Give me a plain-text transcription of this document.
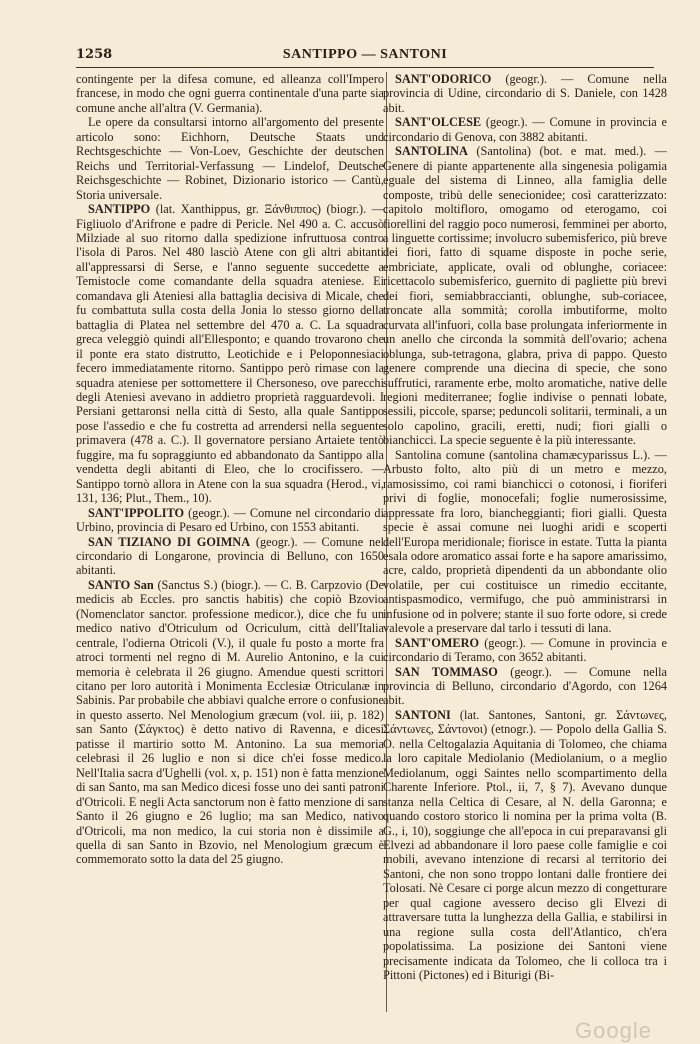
1258	SANTIPPO — SANTONI

contingente per la difesa comune, ed alleanza coll'Impero francese, in modo che ogni guerra continentale d'una parte sia comune anche all'altra (V. Germania).

Le opere da consultarsi intorno all'argomento del presente articolo sono: Eichhorn, Deutsche Staats und Rechtsgeschichte — Von-Loev, Geschichte der deutschen Reichs und Territorial-Verfassung — Lindelof, Deutsche Reichsgeschichte — Robinet, Dizionario istorico — Cantù, Storia universale.

SANTIPPO (lat. Xanthippus, gr. Ξάνθιππος) (biogr.). — Figliuolo d'Arifrone e padre di Pericle. Nel 490 a. C. accusò Milziade al suo ritorno dalla spedizione infruttuosa contro l'isola di Paros. Nel 480 lasciò Atene con gli altri abitanti all'appressarsi di Serse, e l'anno seguente succedette a Temistocle come comandante della squadra ateniese. Ei comandava gli Ateniesi alla battaglia decisiva di Micale, che fu combattuta sulla costa della Jonia lo stesso giorno della battaglia di Platea nel settembre del 470 a. C. La squadra greca veleggiò quindi all'Ellesponto; e quando trovarono che il ponte era stato distrutto, Leotichide e i Peloponnesiaci fecero immediatamente ritorno. Santippo però rimase con la squadra ateniese per sottomettere il Chersoneso, ove parecchi degli Ateniesi avevano in addietro proprietà ragguardevoli. I Persiani gettaronsi nella città di Sesto, alla quale Santippo pose l'assedio e che fu costretta ad arrendersi nella seguente primavera (478 a. C.). Il governatore persiano Artaiete tentò fuggire, ma fu sopraggiunto ed abbandonato da Santippo alla vendetta degli abitanti di Eleo, che lo crocifissero. — Santippo tornò allora in Atene con la sua squadra (Herod., vi, 131, 136; Plut., Them., 10).

SANT'IPPOLITO (geogr.). — Comune nel circondario di Urbino, provincia di Pesaro ed Urbino, con 1553 abitanti.

SAN TIZIANO DI GOIMNA (geogr.). — Comune nel circondario di Longarone, provincia di Belluno, con 1650 abitanti.

SANTO San (Sanctus S.) (biogr.). — C. B. Carpzovio (De medicis ab Eccles. pro sanctis habitis) che copiò Bzovio (Nomenclator sanctor. professione medicor.), dice che fu un medico nativo d'Otriculum od Ocriculum, città dell'Italia centrale, l'odierna Otricoli (V.), il quale fu posto a morte fra atroci tormenti nel regno di M. Aurelio Antonino, e la cui memoria è celebrata il 26 giugno. Amendue questi scrittori citano per loro autorità i Monimenta Ecclesiæ Otriculanæ in Sabinis. Par probabile che abbiavi qualche errore o confusione in questo asserto. Nel Menologium græcum (vol. iii, p. 182) san Santo (Σάγκτος) è detto nativo di Ravenna, e dicesi patisse il martirio sotto M. Antonino. La sua memoria celebrasi il 26 luglio e non si dice ch'ei fosse medico. Nell'Italia sacra d'Ughelli (vol. x, p. 151) non è fatta menzione di san Santo, ma san Medico dicesi fosse uno dei santi patroni d'Otricoli. E negli Acta sanctorum non è fatto menzione di san Santo il 26 giugno e 26 luglio; ma san Medico, nativo d'Otricoli, ma non medico, la cui storia non è dissimile a quella di san Santo in Bzovio, nel Menologium græcum è commemorato sotto la data del 25 giugno.

SANT'ODORICO (geogr.). — Comune nella provincia di Udine, circondario di S. Daniele, con 1428 abit.

SANT'OLCESE (geogr.). — Comune in provincia e circondario di Genova, con 3882 abitanti.

SANTOLINA (Santolina) (bot. e mat. med.). — Genere di piante appartenente alla singenesia poligamia eguale del sistema di Linneo, alla famiglia delle composte, tribù delle senecionidee; così caratterizzato: capitolo moltifloro, omogamo od eterogamo, coi fiorellini del raggio poco numerosi, femminei per aborto, a linguette cortissime; involucro subemisferico, più breve dei fiori, fatto di squame disposte in poche serie, embriciate, applicate, ovali od oblunghe, coriacee: ricettacolo subemisferico, guernito di pagliette più brevi dei fiori, semiabbraccianti, oblunghe, sub-coriacee, troncate alla sommità; corolla imbutiforme, molto curvata all'infuori, colla base prolungata inferiormente in un anello che circonda la sommità dell'ovario; achena oblunga, sub-tetragona, glabra, priva di pappo. Questo genere comprende una diecina di specie, che sono suffrutici, raramente erbe, molto aromatiche, native delle regioni mediterranee; foglie indivise o pennati lobate, sessili, piccole, sparse; peduncoli solitarii, terminali, a un solo capolino, gracili, eretti, nudi; fiori gialli o bianchicci. La specie seguente è la più interessante.

Santolina comune (santolina chamæcyparissus L.). — Arbusto folto, alto più di un metro e mezzo, ramosissimo, coi rami bianchicci o cotonosi, i fioriferi privi di foglie, monocefali; foglie numerosissime, appressate fra loro, biancheggianti; fiori gialli. Questa specie è assai comune nei luoghi aridi e scoperti dell'Europa meridionale; fiorisce in estate. Tutta la pianta esala odore aromatico assai forte e ha sapore amarissimo, acre, caldo, proprietà dipendenti da un abbondante olio volatile, per cui costituisce un rimedio eccitante, antispasmodico, vermifugo, che può amministrarsi in infusione od in polvere; stante il suo forte odore, si crede valevole a preservare dal tarlo i tessuti di lana.

SANT'OMERO (geogr.). — Comune in provincia e circondario di Teramo, con 3652 abitanti.

SAN TOMMASO (geogr.). — Comune nella provincia di Belluno, circondario d'Agordo, con 1264 abit.

SANTONI (lat. Santones, Santoni, gr. Σάντωνες, Σάντωνες, Σάντονοι) (etnogr.). — Popolo della Gallia S. O. nella Celtogalazia Aquitania di Tolomeo, che chiama la loro capitale Mediolanio (Mediolanium, o a meglio Mediolanum, oggi Saintes nello scompartimento della Charente Inferiore. Ptol., ii, 7, § 7). Avevano dunque stanza nella Celtica di Cesare, al N. della Garonna; e quando costoro storico li nomina per la prima volta (B. G., i, 10), soggiunge che all'epoca in cui preparavansi gli Elvezi ad abbandonare il loro paese colle famiglie e coi mobili, avevano intenzione di recarsi al territorio dei Santoni, che non sono troppo lontani dalle frontiere dei Tolosati. Nè Cesare ci porge alcun mezzo di congetturare per qual cagione avessero deciso gli Elvezi di attraversare tutta la lunghezza della Gallia, e stabilirsi in una regione sulla costa dell'Atlantico, ch'era popolatissima. La posizione dei Santoni viene precisamente indicata da Tolomeo, che li colloca tra i Pittoni (Pictones) ed i Biturigi (Bi-

Google
